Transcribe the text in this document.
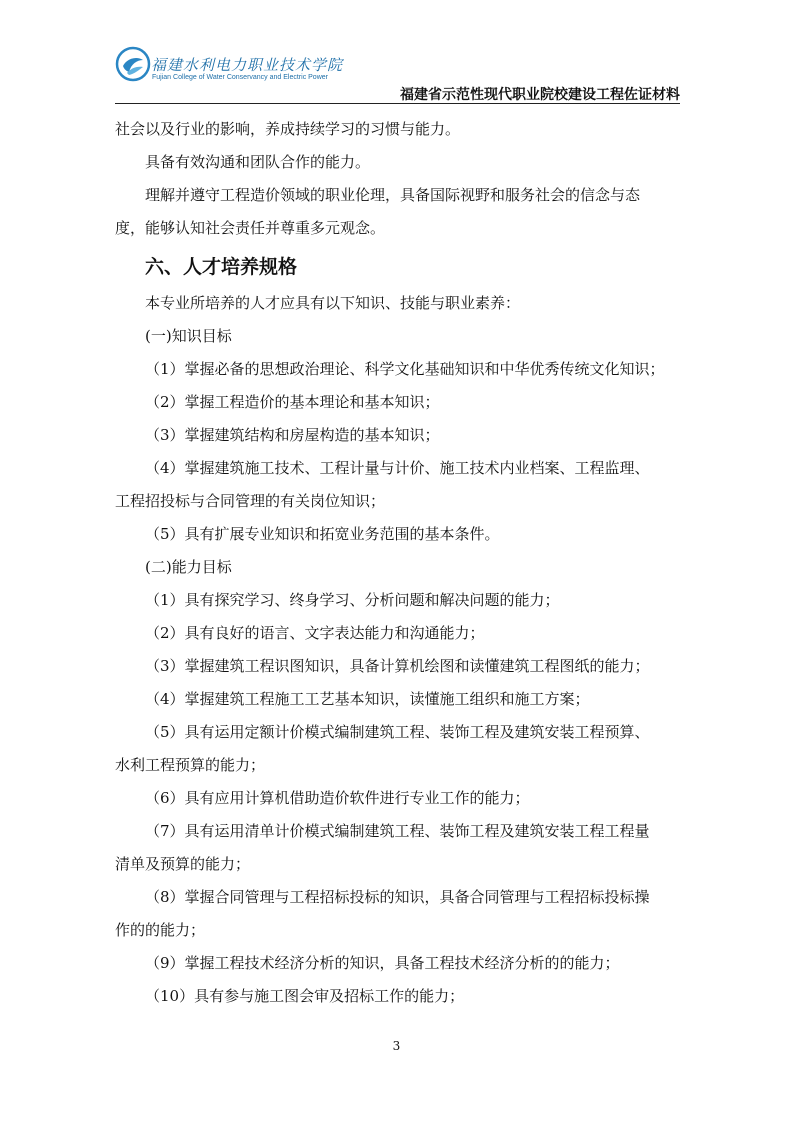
福建水利电力职业技术学院
Fujian College of Water Conservancy and Electric Power
福建省示范性现代职业院校建设工程佐证材料

社会以及行业的影响，养成持续学习的习惯与能力。

具备有效沟通和团队合作的能力。

理解并遵守工程造价领域的职业伦理，具备国际视野和服务社会的信念与态

度，能够认知社会责任并尊重多元观念。

六、人才培养规格

本专业所培养的人才应具有以下知识、技能与职业素养：

(一)知识目标

（1）掌握必备的思想政治理论、科学文化基础知识和中华优秀传统文化知识；

（2）掌握工程造价的基本理论和基本知识；

（3）掌握建筑结构和房屋构造的基本知识；

（4）掌握建筑施工技术、工程计量与计价、施工技术内业档案、工程监理、

工程招投标与合同管理的有关岗位知识；

（5）具有扩展专业知识和拓宽业务范围的基本条件。

(二)能力目标

（1）具有探究学习、终身学习、分析问题和解决问题的能力；

（2）具有良好的语言、文字表达能力和沟通能力；

（3）掌握建筑工程识图知识，具备计算机绘图和读懂建筑工程图纸的能力；

（4）掌握建筑工程施工工艺基本知识，读懂施工组织和施工方案；

（5）具有运用定额计价模式编制建筑工程、装饰工程及建筑安装工程预算、

水利工程预算的能力；

（6）具有应用计算机借助造价软件进行专业工作的能力；

（7）具有运用清单计价模式编制建筑工程、装饰工程及建筑安装工程工程量

清单及预算的能力；

（8）掌握合同管理与工程招标投标的知识，具备合同管理与工程招标投标操

作的的能力；

（9）掌握工程技术经济分析的知识，具备工程技术经济分析的的能力；

（10）具有参与施工图会审及招标工作的能力；

3
